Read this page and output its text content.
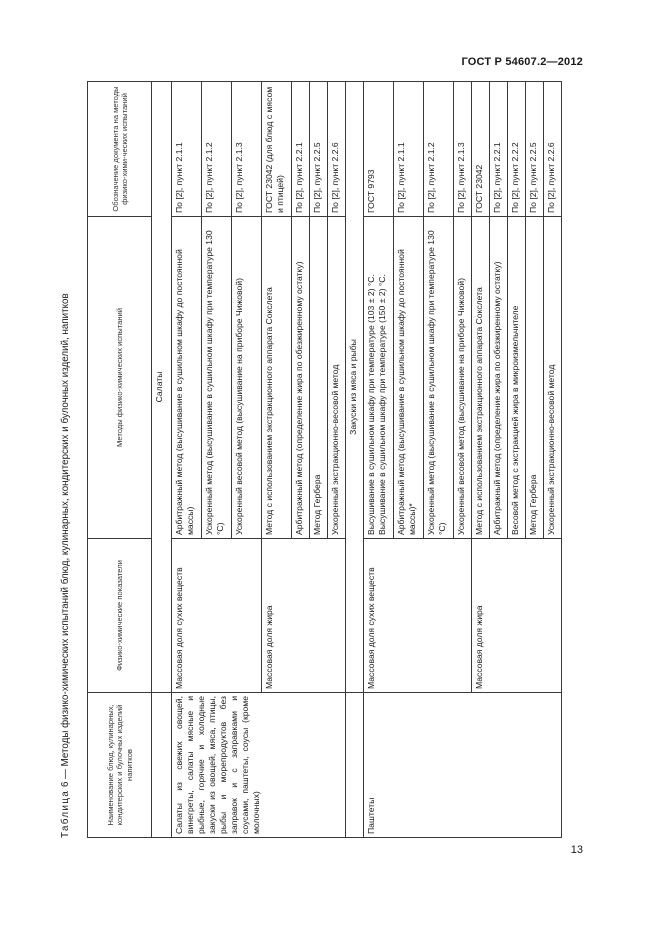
ГОСТ Р 54607.2—2012
13
Таблица 6 — Методы физико-химических испытаний блюд, кулинарных, кондитерских и булочных изделий, напитков	Наименование блюд, кулинарных, кондитерских и булочных изделий напитков	Физико-химические показатели	Методы физико-химических испытаний	Обозначение документа на методы физико-хими-ческих испытаний
	Салаты		
Салаты из свежих овощей, винегреты, салаты мясные и рыбные, горячие и холодные закуски из овощей, мяса, птицы, рыбы и морепродуктов без заправок и с заправками и соусами, паштеты, соусы (кроме молочных)	Массовая доля сухих веществ	Арбитражный метод (высушивание в сушильном шкафу до постоянной массы)	По [2], пункт 2.1.1
		Ускоренный метод (высушивание в сушильном шкафу при температуре 130 °С)	По [2], пункт 2.1.2
		Ускоренный весовой метод (высушивание на приборе Чижовой)	По [2], пункт 2.1.3
	Массовая доля жира	Метод с использованием экстракционного аппарата Сокслета	ГОСТ 23042 (для блюд с мясом и птицей)
		Арбитражный метод (определение жира по обезжиренному остатку)	По [2], пункт 2.2.1
		Метод Гербера	По [2], пункт 2.2.5
		Ускоренный экстракционно-весовой метод	По [2], пункт 2.2.6
	Закуски из мяса и рыбы		
Паштеты	Массовая доля сухих веществ	Высушивание в сушильном шкафу при температуре (103 ± 2) °С. Высушивание в сушильном шкафу при температуре (150 ± 2) °С.	ГОСТ 9793
		Арбитражный метод (высушивание в сушильном шкафу до постоянной массы)*	По [2], пункт 2.1.1
		Ускоренный метод (высушивание в сушильном шкафу при температуре 130 °С)	По [2], пункт 2.1.2
		Ускоренный весовой метод (высушивание на приборе Чижовой)	По [2], пункт 2.1.3
	Массовая доля жира	Метод с использованием экстракционного аппарата Сокслета	ГОСТ 23042
		Арбитражный метод (определение жира по обезжиренному остатку)	По [2], пункт 2.2.1
		Весовой метод с экстракцией жира в микроизмельчителе	По [2], пункт 2.2.2
		Метод Гербера	По [2], пункт 2.2.5
		Ускоренный экстракционно-весовой метод	По [2], пункт 2.2.6
